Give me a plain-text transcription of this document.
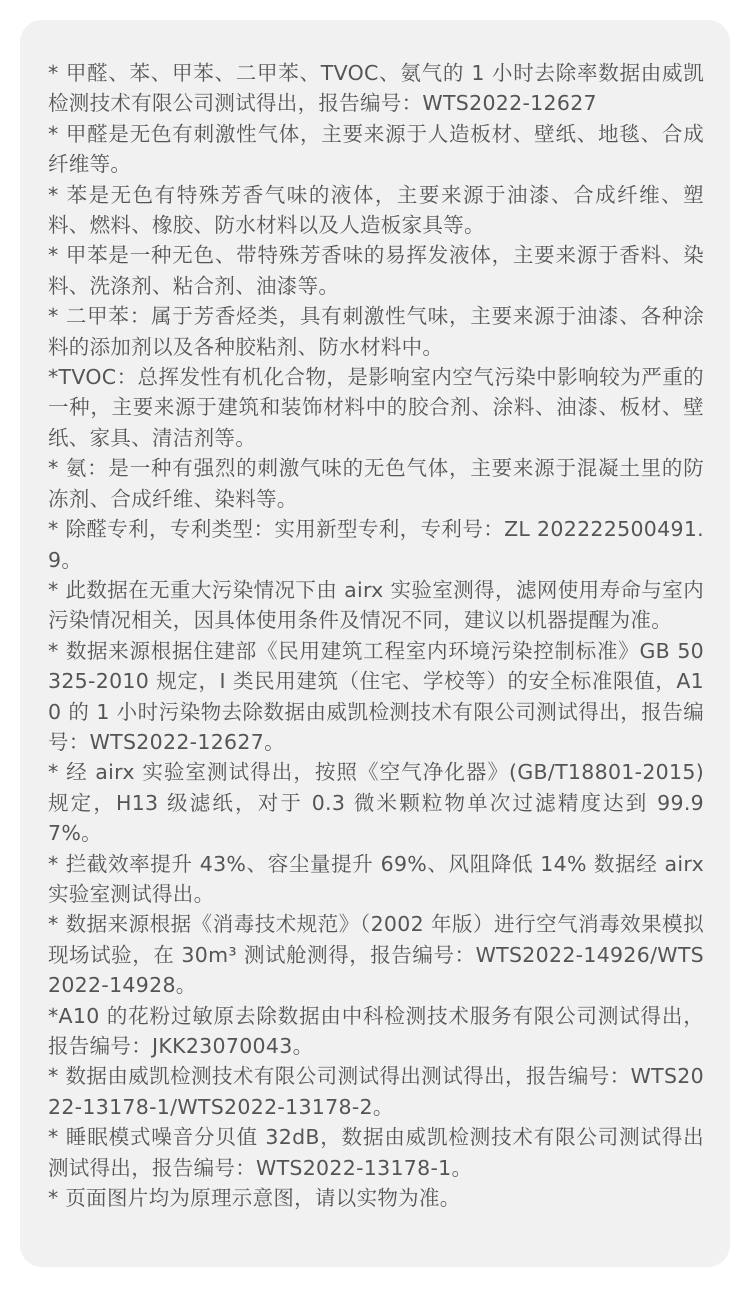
* 甲醛、苯、甲苯、二甲苯、TVOC、氨气的 1 小时去除率数据由威凯检测技术有限公司测试得出，报告编号：WTS2022-12627
* 甲醛是无色有刺激性气体，主要来源于人造板材、壁纸、地毯、合成纤维等。
* 苯是无色有特殊芳香气味的液体，主要来源于油漆、合成纤维、塑料、燃料、橡胶、防水材料以及人造板家具等。
* 甲苯是一种无色、带特殊芳香味的易挥发液体，主要来源于香料、染料、洗涤剂、粘合剂、油漆等。
* 二甲苯：属于芳香烃类，具有刺激性气味，主要来源于油漆、各种涂料的添加剂以及各种胶粘剂、防水材料中。
*TVOC：总挥发性有机化合物，是影响室内空气污染中影响较为严重的一种，主要来源于建筑和装饰材料中的胶合剂、涂料、油漆、板材、壁纸、家具、清洁剂等。
* 氨：是一种有强烈的刺激气味的无色气体，主要来源于混凝土里的防冻剂、合成纤维、染料等。
* 除醛专利，专利类型：实用新型专利，专利号：ZL 202222500491.9。
* 此数据在无重大污染情况下由 airx 实验室测得，滤网使用寿命与室内污染情况相关，因具体使用条件及情况不同，建议以机器提醒为准。
* 数据来源根据住建部《民用建筑工程室内环境污染控制标准》GB 50325-2010 规定，I 类民用建筑（住宅、学校等）的安全标准限值，A10 的 1 小时污染物去除数据由威凯检测技术有限公司测试得出，报告编号：WTS2022-12627。
* 经 airx 实验室测试得出，按照《空气净化器》(GB/T18801-2015) 规定，H13 级滤纸，对于 0.3 微米颗粒物单次过滤精度达到 99.97%。
* 拦截效率提升 43%、容尘量提升 69%、风阻降低 14% 数据经 airx 实验室测试得出。
* 数据来源根据《消毒技术规范》（2002 年版）进行空气消毒效果模拟现场试验，在 30m³ 测试舱测得，报告编号：WTS2022-14926/WTS2022-14928。
*A10 的花粉过敏原去除数据由中科检测技术服务有限公司测试得出，报告编号：JKK23070043。
* 数据由威凯检测技术有限公司测试得出测试得出，报告编号：WTS2022-13178-1/WTS2022-13178-2。
* 睡眠模式噪音分贝值 32dB，数据由威凯检测技术有限公司测试得出测试得出，报告编号：WTS2022-13178-1。
* 页面图片均为原理示意图，请以实物为准。
